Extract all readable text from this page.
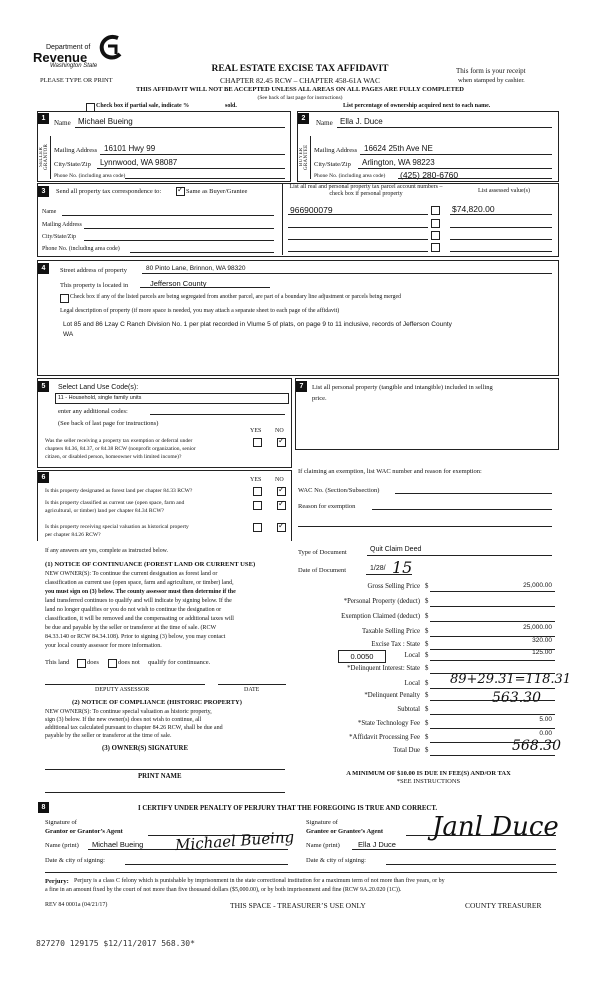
Department of
Revenue
Washington State
PLEASE TYPE OR PRINT
REAL ESTATE EXCISE TAX AFFIDAVIT
CHAPTER 82.45 RCW – CHAPTER 458-61A WAC
THIS AFFIDAVIT WILL NOT BE ACCEPTED UNLESS ALL AREAS ON ALL PAGES ARE FULLY COMPLETED
(See back of last page for instructions)
This form is your receipt
when stamped by cashier.
Check box if partial sale, indicate %	sold.	List percentage of ownership acquired next to each name.
1	2
SELLER GRANTOR	BUYER GRANTEE
Name Michael Bueing
Mailing Address 16101 Hwy 99
City/State/Zip Lynnwood, WA 98087
Phone No. (including area code)
Name Ella J. Duce
Mailing Address 16624 25th Ave NE
City/State/Zip Arlington, WA 98223
Phone No. (including area code) (425) 280-6760
3	Send all property tax correspondence to:
✓	Same as Buyer/Grantee
Name
Mailing Address
City/State/Zip
Phone No. (including area code)
List all real and personal property tax parcel account numbers – check box if personal property	List assessed value(s)
966900079	$74,820.00
4	Street address of property	80 Pinto Lane, Brinnon, WA 98320
This property is located in	Jefferson County
Check box if any of the listed parcels are being segregated from another parcel, are part of a boundary line adjustment or parcels being merged
Legal description of property (if more space is needed, you may attach a separate sheet to each page of the affidavit)
Lot 85 and 86 Lzay C Ranch Division No. 1 per plat recorded in Vlume 5 of plats, on page 9 to 11 inclusive, records of Jefferson County
WA
5	Select Land Use Code(s):
11 - Household, single family units
enter any additional codes:
(See back of last page for instructions)
YES NO
Was the seller receiving a property tax exemption or deferral under
chapters 84.36, 84.37, or 84.38 RCW (nonprofit organization, senior
citizen, or disabled person, homeowner with limited income)?
✓
6	YES NO
Is this property designated as forest land per chapter 84.33 RCW?
✓
Is this property classified as current use (open space, farm and
agricultural, or timber) land per chapter 84.34 RCW?
✓
Is this property receiving special valuation as historical property
per chapter 84.26 RCW?
✓
If any answers are yes, complete as instructed below.
(1) NOTICE OF CONTINUANCE (FOREST LAND OR CURRENT USE)
NEW OWNER(S): To continue the current designation as forest land or
classification as current use (open space, farm and agriculture, or timber) land,
you must sign on (3) below. The county assessor must then determine if the
land transferred continues to qualify and will indicate by signing below. If the
land no longer qualifies or you do not wish to continue the designation or
classification, it will be removed and the compensating or additional taxes will
be due and payable by the seller or transferor at the time of sale. (RCW
84.33.140 or RCW 84.34.108). Prior to signing (3) below, you may contact
your local county assessor for more information.
This land	does	does not qualify for continuance.
DEPUTY ASSESSOR	DATE
(2) NOTICE OF COMPLIANCE (HISTORIC PROPERTY)
NEW OWNER(S): To continue special valuation as historic property,
sign (3) below. If the new owner(s) does not wish to continue, all
additional tax calculated pursuant to chapter 84.26 RCW, shall be due and
payable by the seller or transferor at the time of sale.
(3) OWNER(S) SIGNATURE
PRINT NAME
7	List all personal property (tangible and intangible) included in selling
price.
If claiming an exemption, list WAC number and reason for exemption:
WAC No. (Section/Subsection)
Reason for exemption
Type of Document	Quit Claim Deed
Date of Document	1/28/ 15
Gross Selling Price $	25,000.00
*Personal Property (deduct) $
Exemption Claimed (deduct) $
Taxable Selling Price $
25,000.00
Excise Tax : State $
320.00
0.0050	Local $	125.00
*Delinquent Interest: State $
Local $ 89+29.31=118.31
*Delinquent Penalty $	563.30
Subtotal $
*State Technology Fee $
5.00
*Affidavit Processing Fee $
0.00
Total Due $	568.30
A MINIMUM OF $10.00 IS DUE IN FEE(S) AND/OR TAX
*SEE INSTRUCTIONS
8	I CERTIFY UNDER PENALTY OF PERJURY THAT THE FOREGOING IS TRUE AND CORRECT.
Signature of
Grantor or Grantor’s Agent
Name (print) Michael Bueing
Date & city of signing:
Michael Bueing
Signature of
Grantee or Grantee’s Agent
Name (print) Ella J Duce
Date & city of signing:
Janl Duce
Perjury: Perjury is a class C felony which is punishable by imprisonment in the state correctional institution for a maximum term of not more than five years, or by
a fine in an amount fixed by the court of not more than five thousand dollars ($5,000.00), or by both imprisonment and fine (RCW 9A.20.020 (1C)).
REV 84 0001a (04/21/17)	THIS SPACE - TREASURER’S USE ONLY	COUNTY TREASURER
827270 129175 $12/11/2017 568.30*
